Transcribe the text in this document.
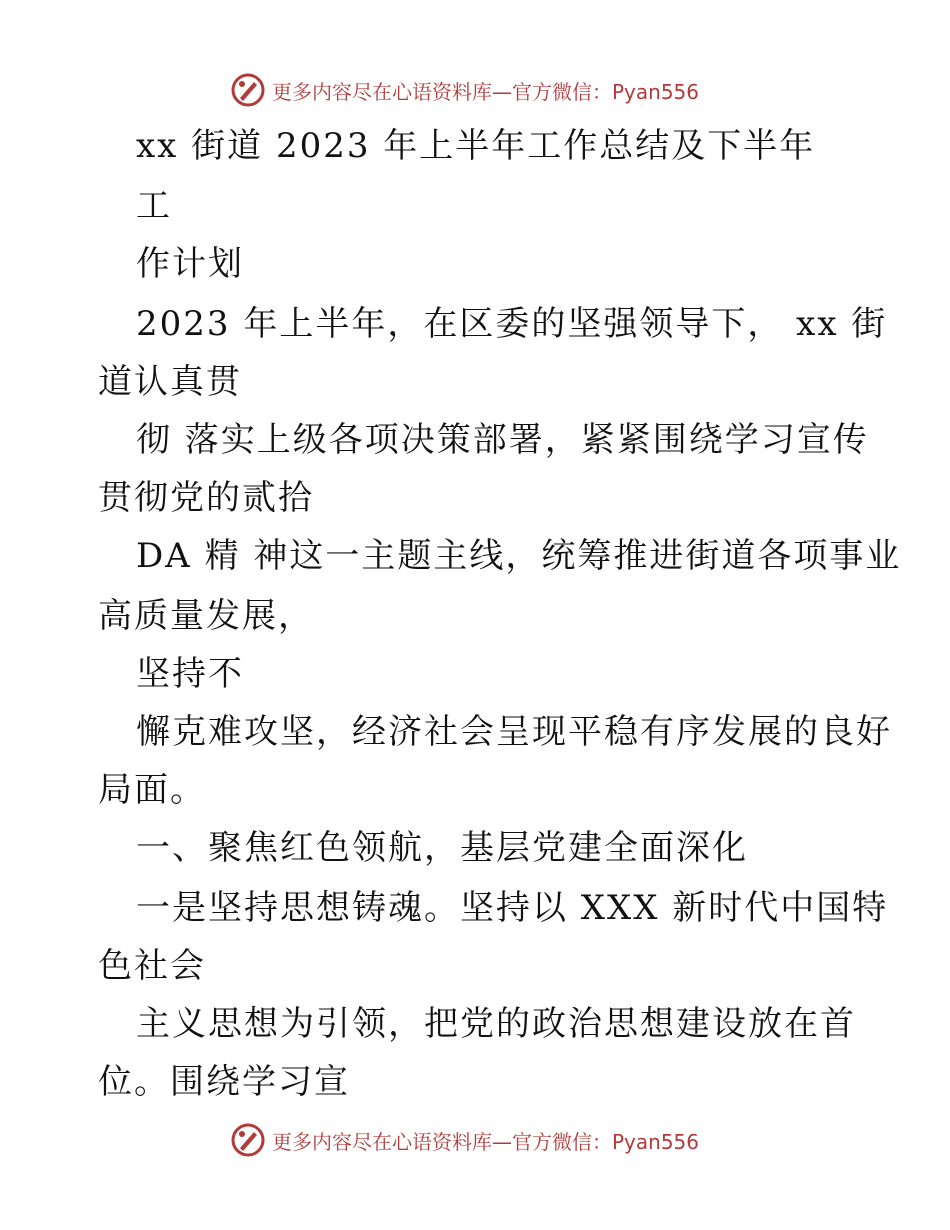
更多内容尽在心语资料库—官方微信：Pyan556
xx 街道 2023 年上半年工作总结及下半年
工
作计划
2023 年上半年，在区委的坚强领导下， xx 街
道认真贯
彻 落实上级各项决策部署，紧紧围绕学习宣传
贯彻党的贰拾
DA 精 神这一主题主线，统筹推进街道各项事业
高质量发展，
坚持不
懈克难攻坚，经济社会呈现平稳有序发展的良好
局面。
一、聚焦红色领航，基层党建全面深化
一是坚持思想铸魂。坚持以 XXX 新时代中国特
色社会
主义思想为引领，把党的政治思想建设放在首
位。围绕学习宣
更多内容尽在心语资料库—官方微信：Pyan556
